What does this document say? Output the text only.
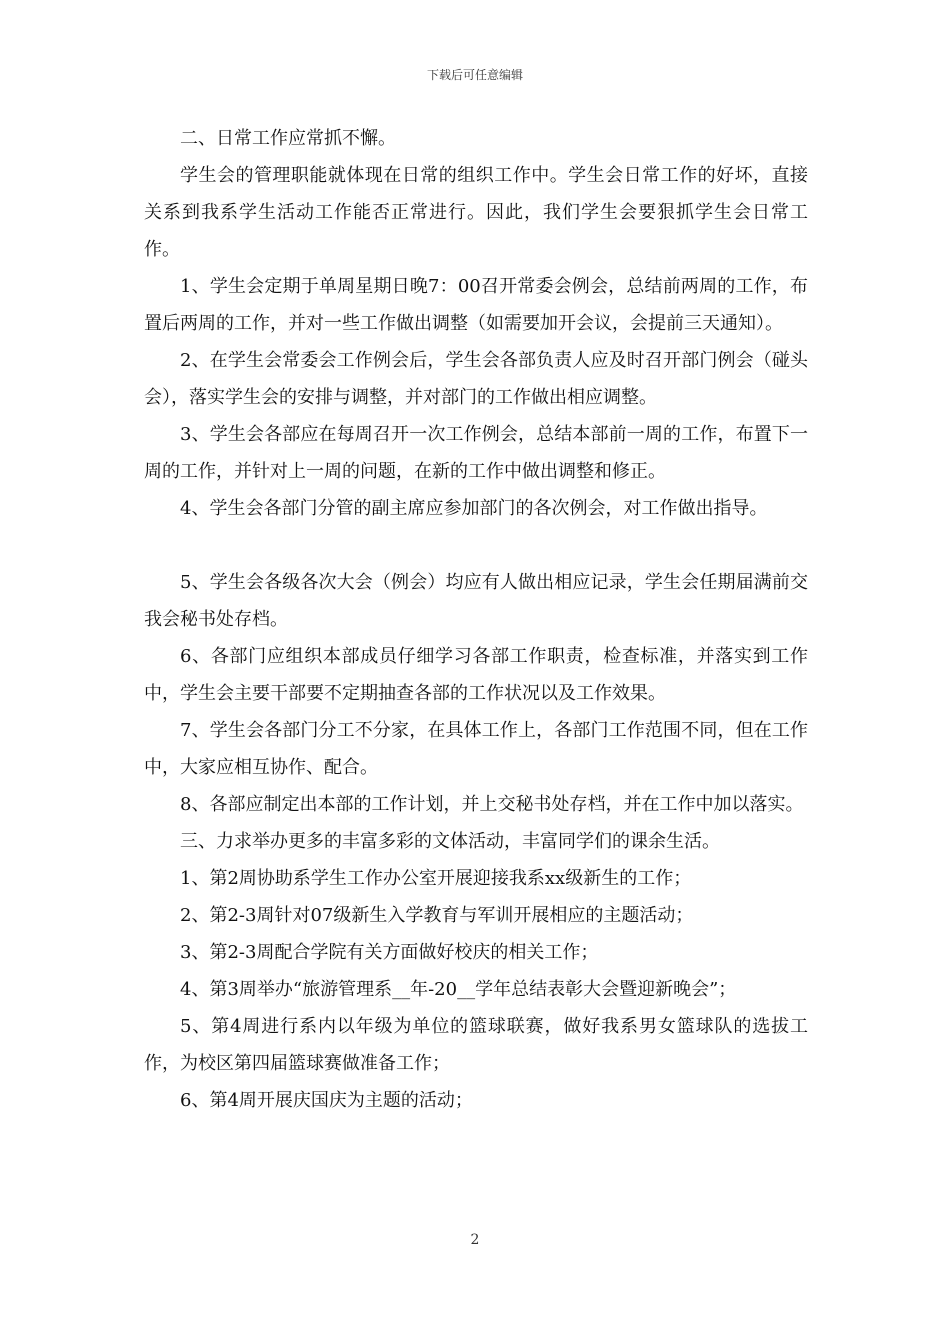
下载后可任意编辑

二、日常工作应常抓不懈。

学生会的管理职能就体现在日常的组织工作中。学生会日常工作的好坏，直接关系到我系学生活动工作能否正常进行。因此，我们学生会要狠抓学生会日常工作。

1、学生会定期于单周星期日晚7：00召开常委会例会，总结前两周的工作，布置后两周的工作，并对一些工作做出调整（如需要加开会议，会提前三天通知）。

2、在学生会常委会工作例会后，学生会各部负责人应及时召开部门例会（碰头会），落实学生会的安排与调整，并对部门的工作做出相应调整。

3、学生会各部应在每周召开一次工作例会，总结本部前一周的工作，布置下一周的工作，并针对上一周的问题，在新的工作中做出调整和修正。

4、学生会各部门分管的副主席应参加部门的各次例会，对工作做出指导。

5、学生会各级各次大会（例会）均应有人做出相应记录，学生会任期届满前交我会秘书处存档。

6、各部门应组织本部成员仔细学习各部工作职责，检查标准，并落实到工作中，学生会主要干部要不定期抽查各部的工作状况以及工作效果。

7、学生会各部门分工不分家，在具体工作上，各部门工作范围不同，但在工作中，大家应相互协作、配合。

8、各部应制定出本部的工作计划，并上交秘书处存档，并在工作中加以落实。

三、力求举办更多的丰富多彩的文体活动，丰富同学们的课余生活。

1、第2周协助系学生工作办公室开展迎接我系xx级新生的工作；

2、第2-3周针对07级新生入学教育与军训开展相应的主题活动；

3、第2-3周配合学院有关方面做好校庆的相关工作；

4、第3周举办“旅游管理系__年-20__学年总结表彰大会暨迎新晚会”；

5、第4周进行系内以年级为单位的篮球联赛，做好我系男女篮球队的选拔工作，为校区第四届篮球赛做准备工作；

6、第4周开展庆国庆为主题的活动；

2
